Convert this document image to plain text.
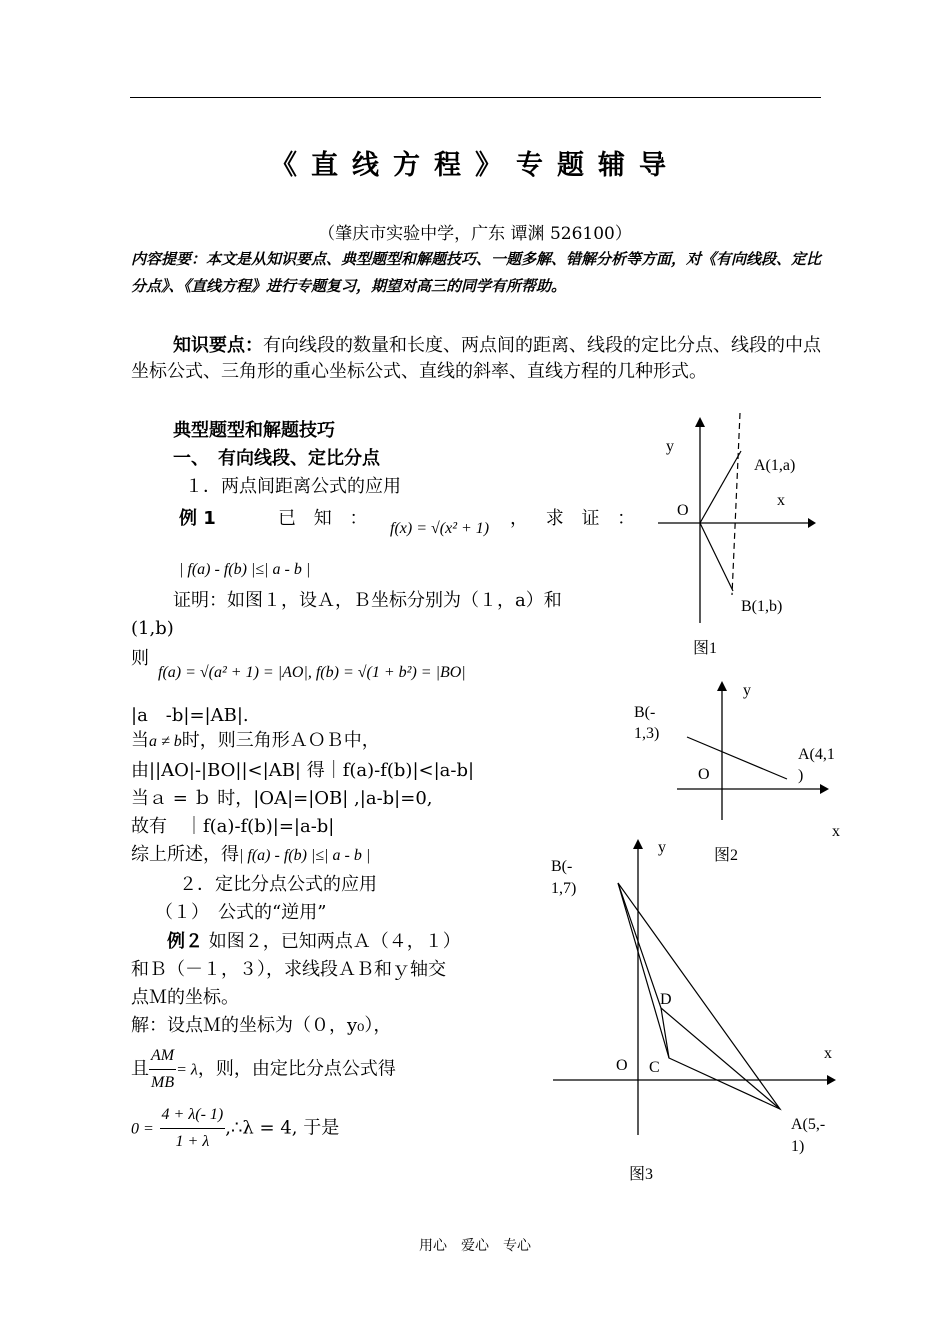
《直线方程》专题辅导
（肇庆市实验中学，广东 谭渊 526100）
内容提要：本文是从知识要点、典型题型和解题技巧、一题多解、错解分析等方面，对《有向线段、定比分点》、《直线方程》进行专题复习，期望对高三的同学有所帮助。
知识要点：有向线段的数量和长度、两点间的距离、线段的定比分点、线段的中点坐标公式、三角形的重心坐标公式、直线的斜率、直线方程的几种形式。
典型题型和解题技巧
一、　有向线段、定比分点
１．两点间距离公式的应用
例 1	已 知 ： f(x) = √(x² + 1) ， 求 证 ：
| f(a) - f(b) |≤| a - b |
证明：如图１，设Ａ，Ｂ坐标分别为（１，a）和
(1,b)
则
f(a) = √(a² + 1) = |AO|, f(b) = √(1 + b²) = |BO|
|a　-b|=|AB|.
当a ≠ b时，则三角形ＡＯＢ中，
由||AO|-|BO||<|AB| 得｜f(a)-f(b)|<|a-b|
当ａ = ｂ 时，|OA|=|OB| ,|a-b|=0,
故有　｜f(a)-f(b)|=|a-b|
综上所述，得| f(a) - f(b) |≤| a - b |
２．定比分点公式的应用
（１）　公式的“逆用”
例２ 如图２，已知两点Ａ（４，１）
和Ｂ（－１，３），求线段ＡＢ和ｙ轴交
点Ｍ的坐标。
解：设点Ｍ的坐标为（０，y₀），
且 $\frac{AM}{MB} = \lambda$，则，由定比分点公式得
$0 = \frac{4 + \lambda(- 1)}{1 + \lambda}$ ,∴λ = 4, 于是
y
x
O
A(1,a)
B(1,b)
图1
y
x
O
B(-
1,3)
A(4,1
)
图2
y
x
O C
D
B(-
1,7)
A(5,-
1)
图3
用心　爱心　专心
